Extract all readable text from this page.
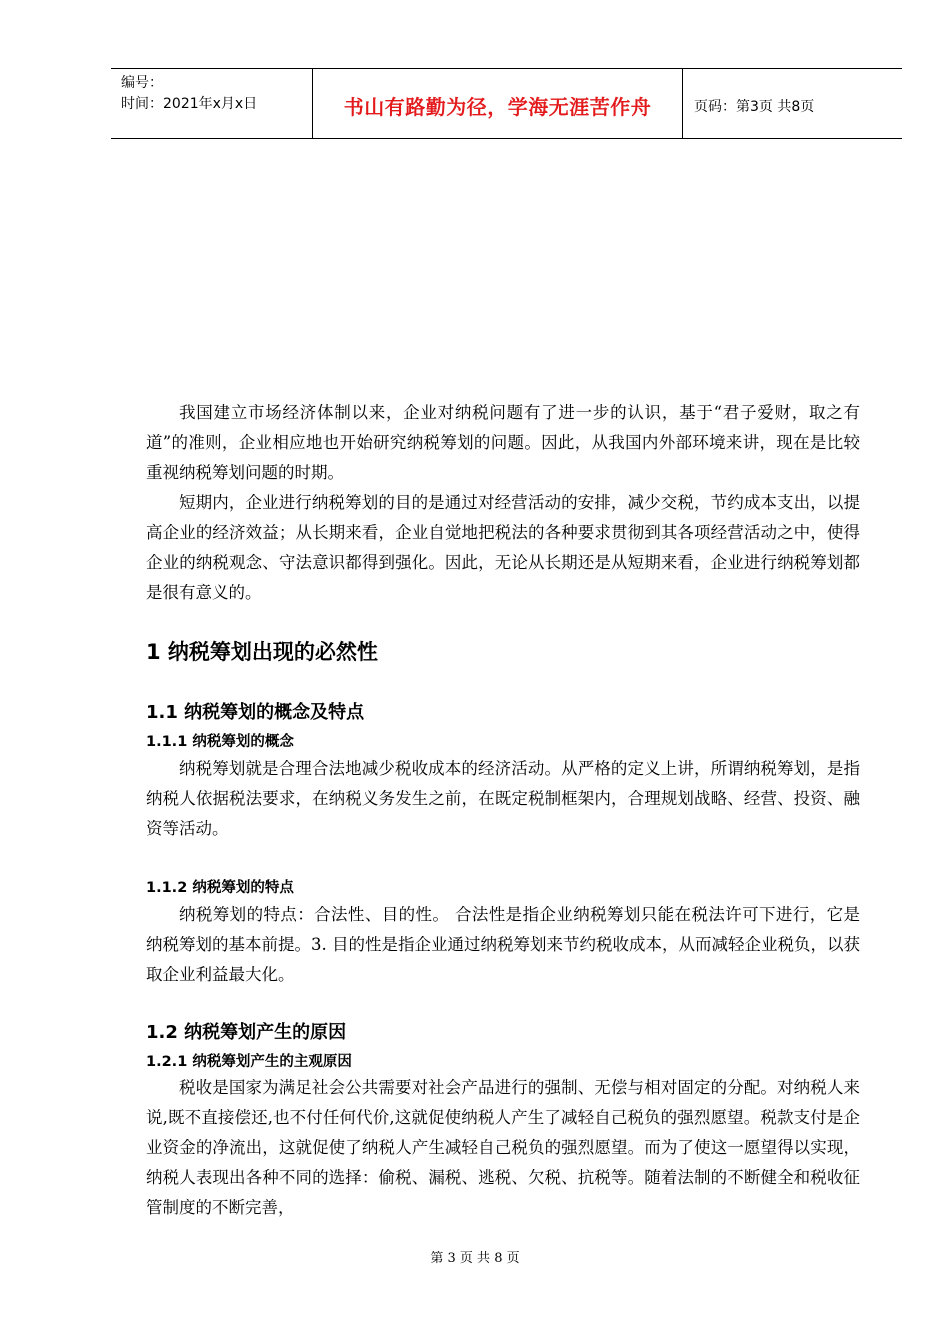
编号：
时间：2021年x月x日	书山有路勤为径，学海无涯苦作舟	页码：第3页 共8页

我国建立市场经济体制以来，企业对纳税问题有了进一步的认识，基于“君子爱财，取之有道”的准则，企业相应地也开始研究纳税筹划的问题。因此，从我国内外部环境来讲，现在是比较重视纳税筹划问题的时期。

短期内，企业进行纳税筹划的目的是通过对经营活动的安排，减少交税，节约成本支出，以提高企业的经济效益；从长期来看，企业自觉地把税法的各种要求贯彻到其各项经营活动之中，使得企业的纳税观念、守法意识都得到强化。因此，无论从长期还是从短期来看，企业进行纳税筹划都是很有意义的。

1 纳税筹划出现的必然性
1.1 纳税筹划的概念及特点
1.1.1 纳税筹划的概念

纳税筹划就是合理合法地减少税收成本的经济活动。从严格的定义上讲，所谓纳税筹划，是指纳税人依据税法要求，在纳税义务发生之前，在既定税制框架内，合理规划战略、经营、投资、融资等活动。

1.1.2 纳税筹划的特点

纳税筹划的特点：合法性、目的性。 合法性是指企业纳税筹划只能在税法许可下进行，它是纳税筹划的基本前提。3. 目的性是指企业通过纳税筹划来节约税收成本，从而减轻企业税负，以获取企业利益最大化。

1.2 纳税筹划产生的原因
1.2.1 纳税筹划产生的主观原因

税收是国家为满足社会公共需要对社会产品进行的强制、无偿与相对固定的分配。对纳税人来说,既不直接偿还,也不付任何代价,这就促使纳税人产生了减轻自己税负的强烈愿望。税款支付是企业资金的净流出，这就促使了纳税人产生减轻自己税负的强烈愿望。而为了使这一愿望得以实现，纳税人表现出各种不同的选择：偷税、漏税、逃税、欠税、抗税等。随着法制的不断健全和税收征管制度的不断完善，

第 3 页 共 8 页
